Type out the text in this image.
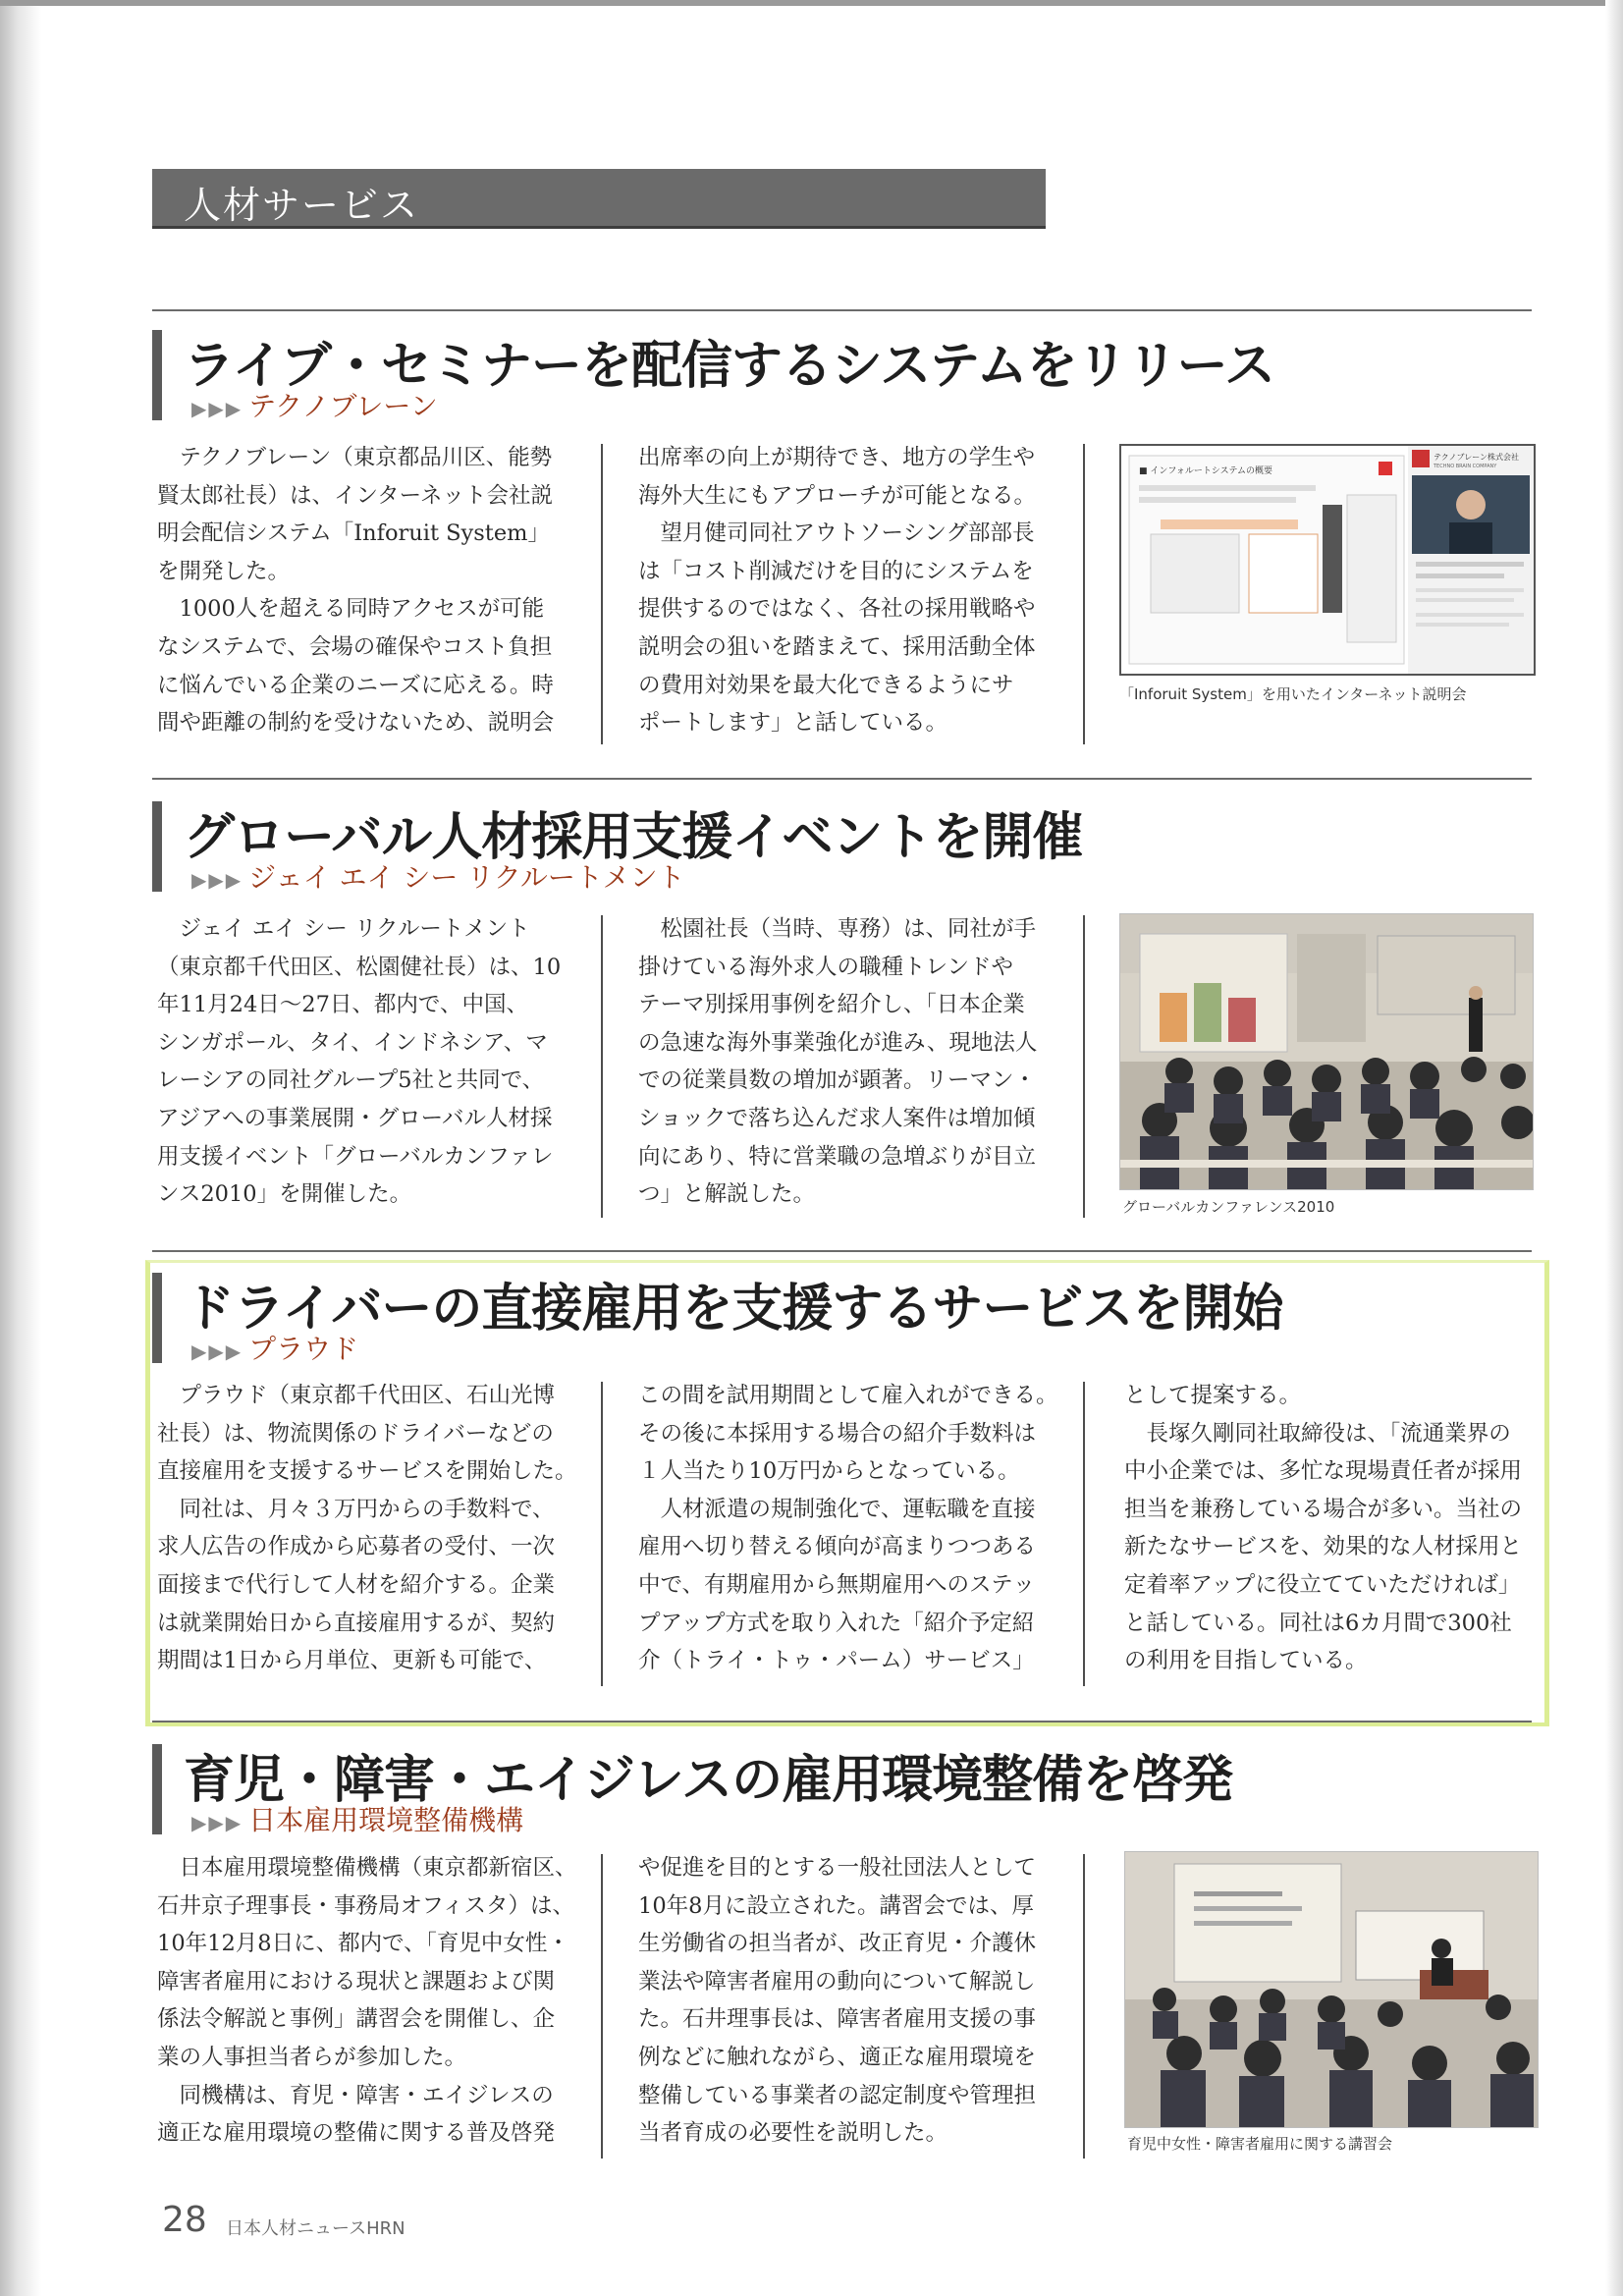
人材サービス
ライブ・セミナーを配信するシステムをリリース
▶▶▶ テクノブレーン

テクノブレーン（東京都品川区、能勢

賢太郎社長）は、インターネット会社説

明会配信システム「Inforuit System」

を開発した。

1000人を超える同時アクセスが可能

なシステムで、会場の確保やコスト負担

に悩んでいる企業のニーズに応える。時

間や距離の制約を受けないため、説明会

出席率の向上が期待でき、地方の学生や

海外大生にもアプローチが可能となる。

望月健司同社アウトソーシング部部長

は「コスト削減だけを目的にシステムを

提供するのではなく、各社の採用戦略や

説明会の狙いを踏まえて、採用活動全体

の費用対効果を最大化できるようにサ

ポートします」と話している。

■ インフォルートシステムの概要
テクノブレーン株式会社
TECHNO BRAIN COMPANY
「Inforuit System」を用いたインターネット説明会
グローバル人材採用支援イベントを開催
▶▶▶ ジェイ エイ シー リクルートメント

ジェイ エイ シー リクルートメント

（東京都千代田区、松園健社長）は、10

年11月24日～27日、都内で、中国、

シンガポール、タイ、インドネシア、マ

レーシアの同社グループ5社と共同で、

アジアへの事業展開・グローバル人材採

用支援イベント「グローバルカンファレ

ンス2010」を開催した。

松園社長（当時、専務）は、同社が手

掛けている海外求人の職種トレンドや

テーマ別採用事例を紹介し、「日本企業

の急速な海外事業強化が進み、現地法人

での従業員数の増加が顕著。リーマン・

ショックで落ち込んだ求人案件は増加傾

向にあり、特に営業職の急増ぶりが目立

つ」と解説した。	グローバルカンファレンス2010
ドライバーの直接雇用を支援するサービスを開始
▶▶▶ プラウド

プラウド（東京都千代田区、石山光博

社長）は、物流関係のドライバーなどの

直接雇用を支援するサービスを開始した。

同社は、月々３万円からの手数料で、

求人広告の作成から応募者の受付、一次

面接まで代行して人材を紹介する。企業

は就業開始日から直接雇用するが、契約

期間は1日から月単位、更新も可能で、

この間を試用期間として雇入れができる。

その後に本採用する場合の紹介手数料は

１人当たり10万円からとなっている。

人材派遣の規制強化で、運転職を直接

雇用へ切り替える傾向が高まりつつある

中で、有期雇用から無期雇用へのステッ

プアップ方式を取り入れた「紹介予定紹

介（トライ・トゥ・パーム）サービス」

として提案する。

長塚久剛同社取締役は、「流通業界の

中小企業では、多忙な現場責任者が採用

担当を兼務している場合が多い。当社の

新たなサービスを、効果的な人材採用と

定着率アップに役立てていただければ」

と話している。同社は6カ月間で300社

の利用を目指している。

育児・障害・エイジレスの雇用環境整備を啓発
▶▶▶ 日本雇用環境整備機構

日本雇用環境整備機構（東京都新宿区、

石井京子理事長・事務局オフィスタ）は、

10年12月8日に、都内で、「育児中女性・

障害者雇用における現状と課題および関

係法令解説と事例」講習会を開催し、企

業の人事担当者らが参加した。

同機構は、育児・障害・エイジレスの

適正な雇用環境の整備に関する普及啓発

や促進を目的とする一般社団法人として

10年8月に設立された。講習会では、厚

生労働省の担当者が、改正育児・介護休

業法や障害者雇用の動向について解説し

た。石井理事長は、障害者雇用支援の事

例などに触れながら、適正な雇用環境を

整備している事業者の認定制度や管理担

当者育成の必要性を説明した。	育児中女性・障害者雇用に関する講習会
28 日本人材ニュースHRN
